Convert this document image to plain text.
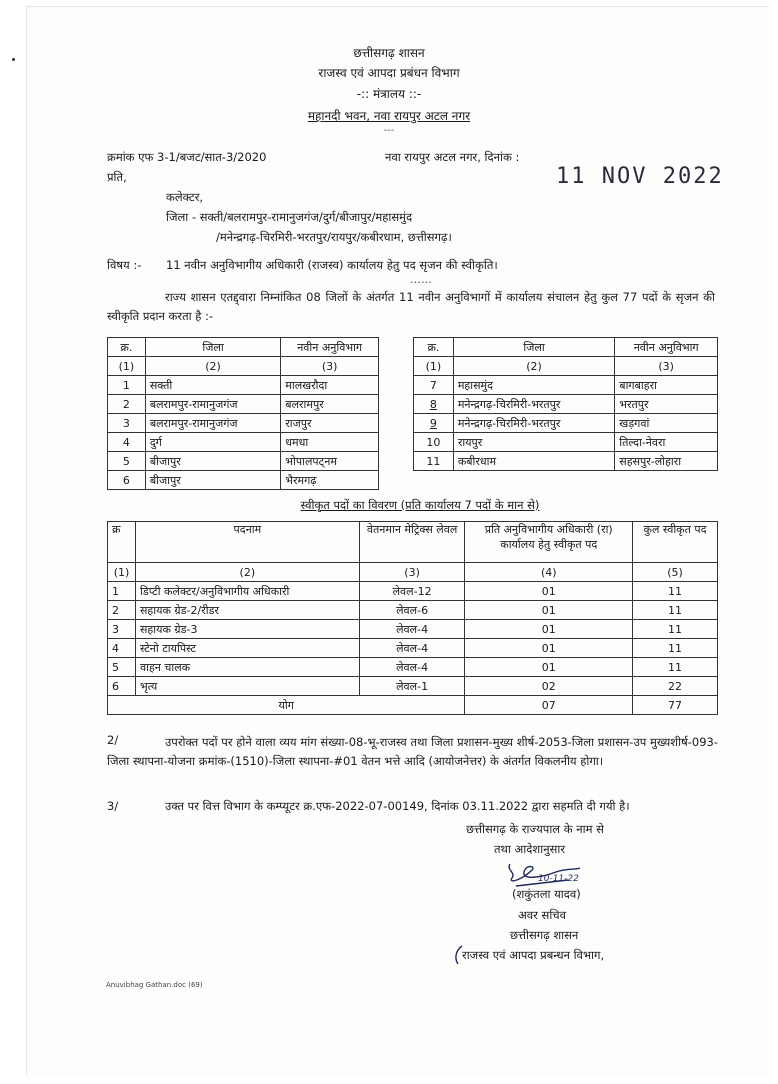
छत्तीसगढ़ शासन
राजस्व एवं आपदा प्रबंधन विभाग
-:: मंत्रालय ::-
महानदी भवन, नवा रायपुर अटल नगर
---
क्रमांक एफ 3-1/बजट/सात-3/2020	नवा रायपुर अटल नगर, दिनांक :
11 NOV 2022
प्रति,
कलेक्टर,
जिला - सक्ती/बलरामपुर-रामानुजगंज/दुर्ग/बीजापुर/महासमुंद
/मनेन्द्रगढ़-चिरमिरी-भरतपुर/रायपुर/कबीरधाम, छत्तीसगढ़।
विषय :- 11 नवीन अनुविभागीय अधिकारी (राजस्व) कार्यालय हेतु पद सृजन की स्वीकृति।
......
राज्य शासन एतद्द्वारा निम्नांकित 08 जिलों के अंतर्गत 11 नवीन अनुविभागों में कार्यालय संचालन हेतु कुल 77 पदों के सृजन की स्वीकृति प्रदान करता है :-
क्र.	जिला	नवीन अनुविभाग
(1)	(2)	(3)
1	सक्ती	मालखरौदा
2	बलरामपुर-रामानुजगंज	बलरामपुर
3	बलरामपुर-रामानुजगंज	राजपुर
4	दुर्ग	धमधा
5	बीजापुर	भोपालपट्नम
6	बीजापुर	भैरमगढ़
क्र.	जिला	नवीन अनुविभाग
(1)	(2)	(3)
7	महासमुंद	बागबाहरा
8	मनेन्द्रगढ़-चिरमिरी-भरतपुर	भरतपुर
9	मनेन्द्रगढ़-चिरमिरी-भरतपुर	खड़गवां
10	रायपुर	तिल्दा-नेवरा
11	कबीरधाम	सहसपुर-लोहारा
स्वीकृत पदों का विवरण (प्रति कार्यालय 7 पदों के मान से)
क्र	पदनाम	वेतनमान मेट्रिक्स लेवल	प्रति अनुविभागीय अधिकारी (रा) कार्यालय हेतु स्वीकृत पद	कुल स्वीकृत पद
(1)	(2)	(3)	(4)	(5)
1	डिप्टी कलेक्टर/अनुविभागीय अधिकारी	लेवल-12	01	11
2	सहायक ग्रेड-2/रीडर	लेवल-6	01	11
3	सहायक ग्रेड-3	लेवल-4	01	11
4	स्टेनो टायपिस्ट	लेवल-4	01	11
5	वाहन चालक	लेवल-4	01	11
6	भृत्य	लेवल-1	02	22
योग			07	77
2/	उपरोक्त पदों पर होने वाला व्यय मांग संख्या-08-भू-राजस्व तथा जिला प्रशासन-मुख्य शीर्ष-2053-जिला प्रशासन-उप मुख्यशीर्ष-093-जिला स्थापना-योजना क्रमांक-(1510)-जिला स्थापना-#01 वेतन भत्ते आदि (आयोजनेत्तर) के अंतर्गत विकलनीय होगा।
3/	उक्त पर वित्त विभाग के कम्प्यूटर क्र.एफ-2022-07-00149, दिनांक 03.11.2022 द्वारा सहमति दी गयी है।
छत्तीसगढ़ के राज्यपाल के नाम से
तथा आदेशानुसार
10-11-22
(शकुंतला यादव)
अवर सचिव
छत्तीसगढ़ शासन
राजस्व एवं आपदा प्रबन्धन विभाग,
Anuvibhag Gathan.doc (69)
